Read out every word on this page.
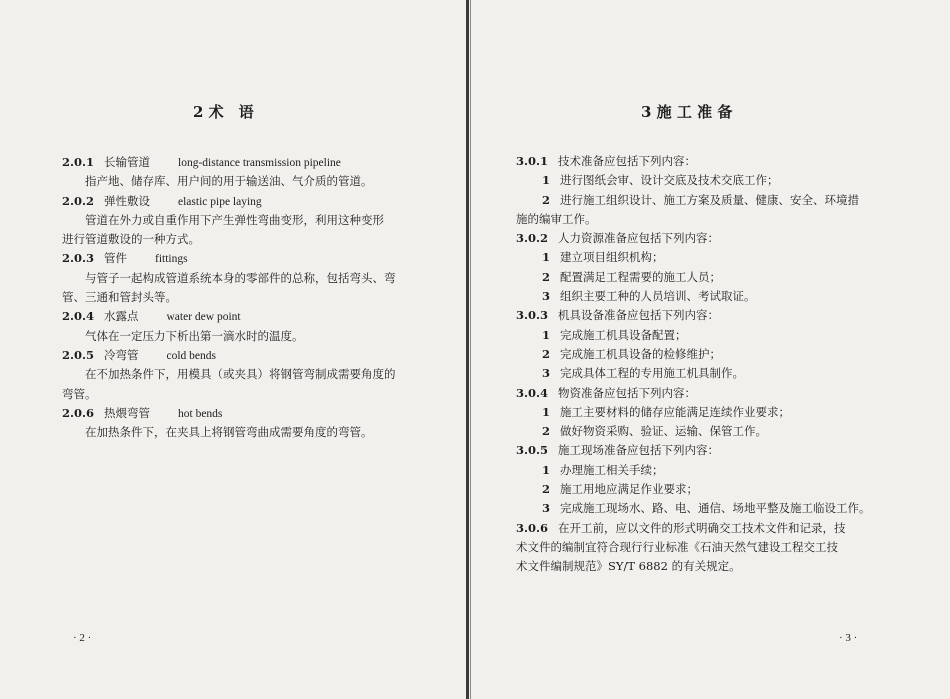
2 术　语
2.0.1 长输管道 long-distance transmission pipeline
指产地、储存库、用户间的用于输送油、气介质的管道。
2.0.2 弹性敷设 elastic pipe laying
管道在外力或自重作用下产生弹性弯曲变形，利用这种变形
进行管道敷设的一种方式。
2.0.3 管件 fittings
与管子一起构成管道系统本身的零部件的总称，包括弯头、弯
管、三通和管封头等。
2.0.4 水露点 water dew point
气体在一定压力下析出第一滴水时的温度。
2.0.5 冷弯管 cold bends
在不加热条件下，用模具（或夹具）将钢管弯制成需要角度的
弯管。
2.0.6 热煨弯管 hot bends
在加热条件下，在夹具上将钢管弯曲成需要角度的弯管。
· 2 ·
3 施 工 准 备
3.0.1 技术准备应包括下列内容：
1 进行图纸会审、设计交底及技术交底工作；
2 进行施工组织设计、施工方案及质量、健康、安全、环境措
施的编审工作。
3.0.2 人力资源准备应包括下列内容：
1 建立项目组织机构；
2 配置满足工程需要的施工人员；
3 组织主要工种的人员培训、考试取证。
3.0.3 机具设备准备应包括下列内容：
1 完成施工机具设备配置；
2 完成施工机具设备的检修维护；
3 完成具体工程的专用施工机具制作。
3.0.4 物资准备应包括下列内容：
1 施工主要材料的储存应能满足连续作业要求；
2 做好物资采购、验证、运输、保管工作。
3.0.5 施工现场准备应包括下列内容：
1 办理施工相关手续；
2 施工用地应满足作业要求；
3 完成施工现场水、路、电、通信、场地平整及施工临设工作。
3.0.6 在开工前，应以文件的形式明确交工技术文件和记录，技
术文件的编制宜符合现行行业标准《石油天然气建设工程交工技
术文件编制规范》SY/T 6882 的有关规定。
· 3 ·
